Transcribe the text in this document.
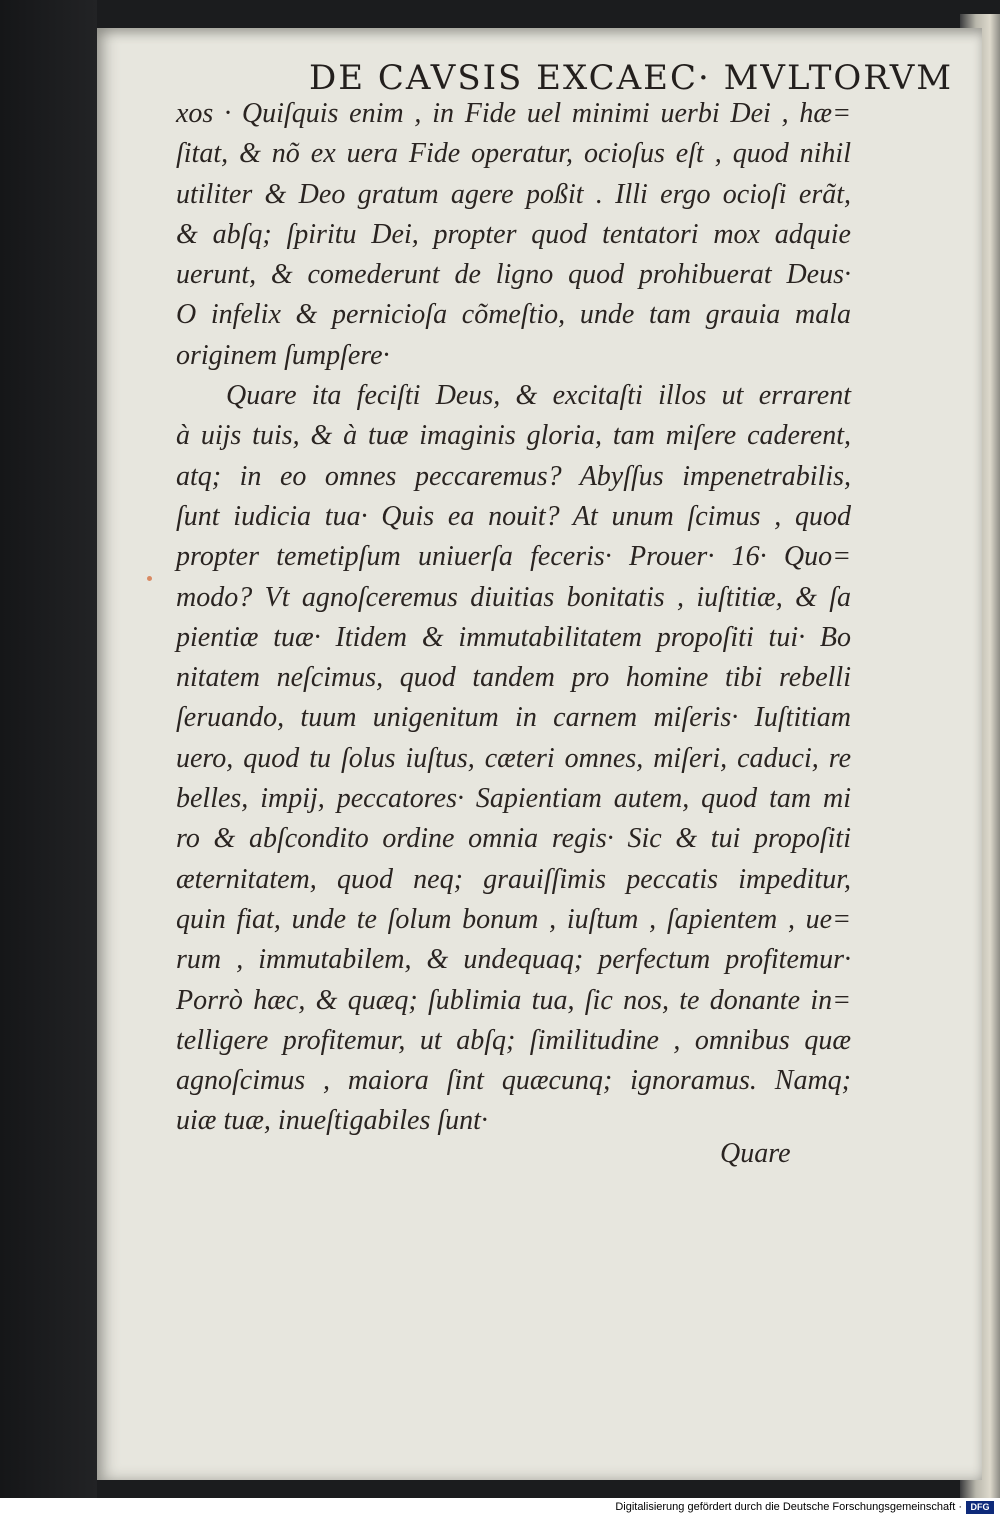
DE CAVSIS EXCAEC· MVLTORVM
xos · Quiſquis enim , in Fide uel minimi uerbi Dei , hæ=
ſitat, & nõ ex uera Fide operatur, ocioſus eſt , quod nihil
utiliter & Deo gratum agere poßit . Illi ergo ocioſi erãt,
& abſq; ſpiritu Dei, propter quod tentatori mox adquie
uerunt, & comederunt de ligno quod prohibuerat Deus·
O infelix & pernicioſa cõmeſtio, unde tam grauia mala
originem ſumpſere·
Quare ita feciſti Deus, & excitaſti illos ut errarent
à uijs tuis, & à tuæ imaginis gloria, tam miſere caderent,
atq; in eo omnes peccaremus? Abyſſus impenetrabilis,
ſunt iudicia tua· Quis ea nouit? At unum ſcimus , quod
propter temetipſum uniuerſa feceris· Prouer· 16· Quo=
modo? Vt agnoſceremus diuitias bonitatis , iuſtitiæ, & ſa
pientiæ tuæ· Itidem & immutabilitatem propoſiti tui· Bo
nitatem neſcimus, quod tandem pro homine tibi rebelli
ſeruando, tuum unigenitum in carnem miſeris· Iuſtitiam
uero, quod tu ſolus iuſtus, cæteri omnes, miſeri, caduci, re
belles, impij, peccatores· Sapientiam autem, quod tam mi
ro & abſcondito ordine omnia regis· Sic & tui propoſiti
æternitatem, quod neq; grauiſſimis peccatis impeditur,
quin fiat, unde te ſolum bonum , iuſtum , ſapientem , ue=
rum , immutabilem, & undequaq; perfectum profitemur·
Porrò hæc, & quæq; ſublimia tua, ſic nos, te donante in=
telligere profitemur, ut abſq; ſimilitudine , omnibus quæ
agnoſcimus , maiora ſint quæcunq; ignoramus. Namq;
uiæ tuæ, inueſtigabiles ſunt·
Quare
Digitalisierung gefördert durch die Deutsche Forschungsgemeinschaft · DFG
